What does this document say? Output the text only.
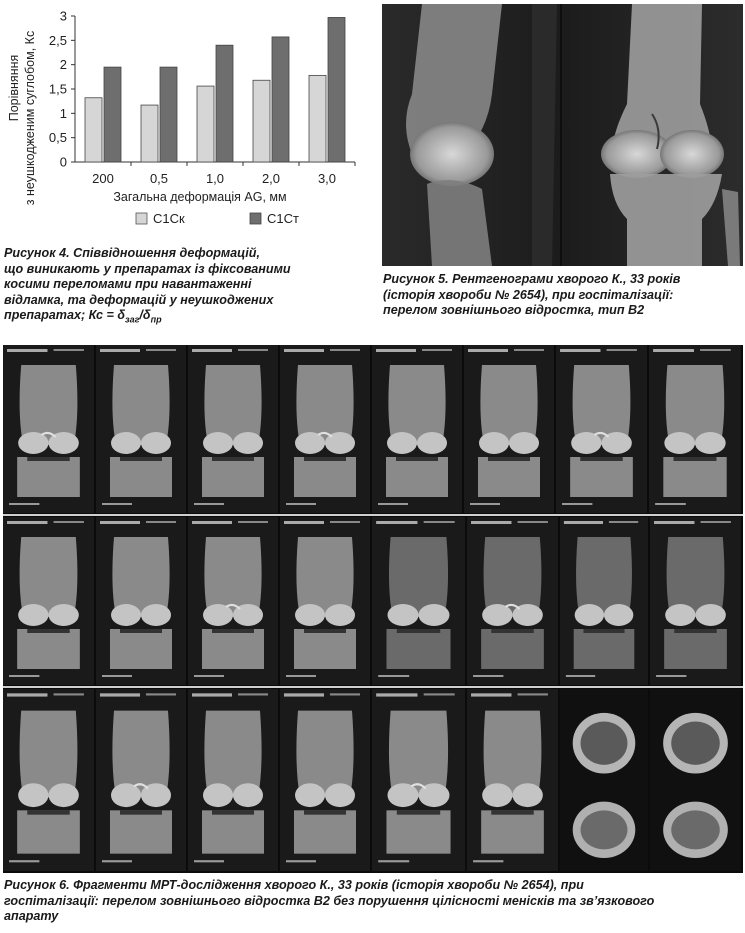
0
0,5
1
1,5
2
2,5
3
200	0,5	1,0	2,0	3,0
Порівняння з неушкодженим суглобом, Кс	Загальна деформація AG, мм
С1Ск	С1Ст
Рисунок 4. Співвідношення деформацій,
що виникають у препаратах із фіксованими
косими переломами при навантаженні
відламка, та деформацій у неушкоджених
препаратах; Кс = $\delta_{заг}/\delta_{пр}$
Рисунок 5. Рентгенограми хворого К., 33 років
(історія хвороби № 2654), при госпіталізації:
перелом зовнішнього відростка, тип В2
Рисунок 6. Фрагменти МРТ-дослідження хворого К., 33 років (історія хвороби № 2654), при
госпіталізації: перелом зовнішнього відростка В2 без порушення цілісності менісків та зв’язкового
апарату
